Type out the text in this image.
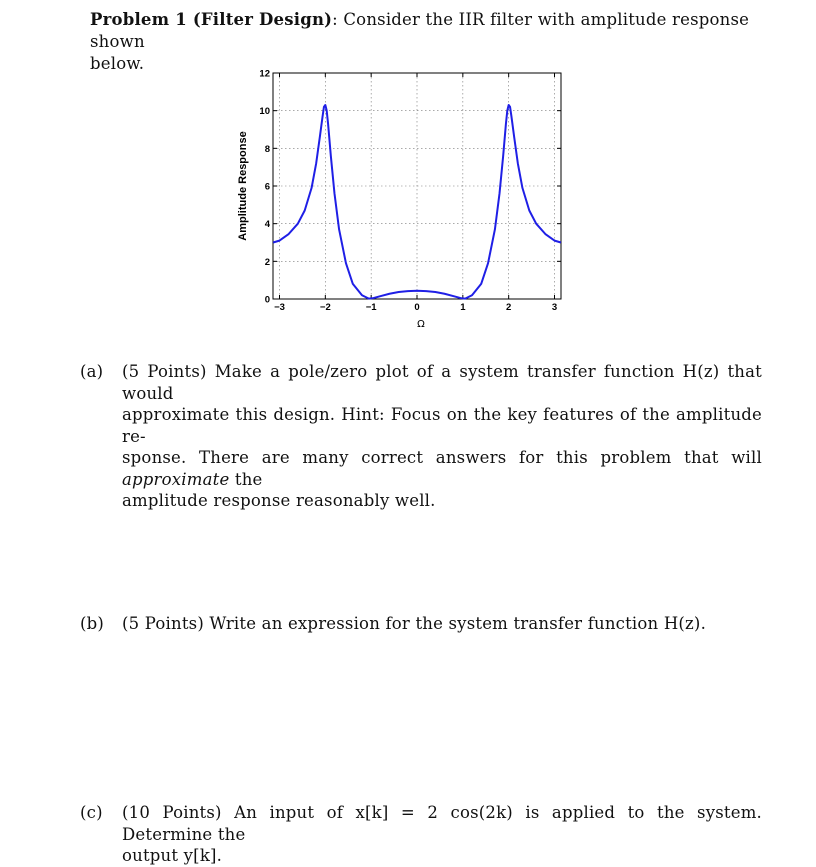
Problem 1 (Filter Design): Consider the IIR filter with amplitude response shown
below.
−3	−2	−1	0	1	2	3
0
2
4
6
8
10
12
Amplitude Response
Ω
(a) (5 Points) Make a pole/zero plot of a system transfer function H(z) that would

approximate this design. Hint: Focus on the key features of the amplitude re-

sponse. There are many correct answers for this problem that will approximate the

amplitude response reasonably well.

(b) (5 Points) Write an expression for the system transfer function H(z).

(c) (10 Points) An input of x[k] = 2 cos(2k) is applied to the system. Determine the

output y[k].
